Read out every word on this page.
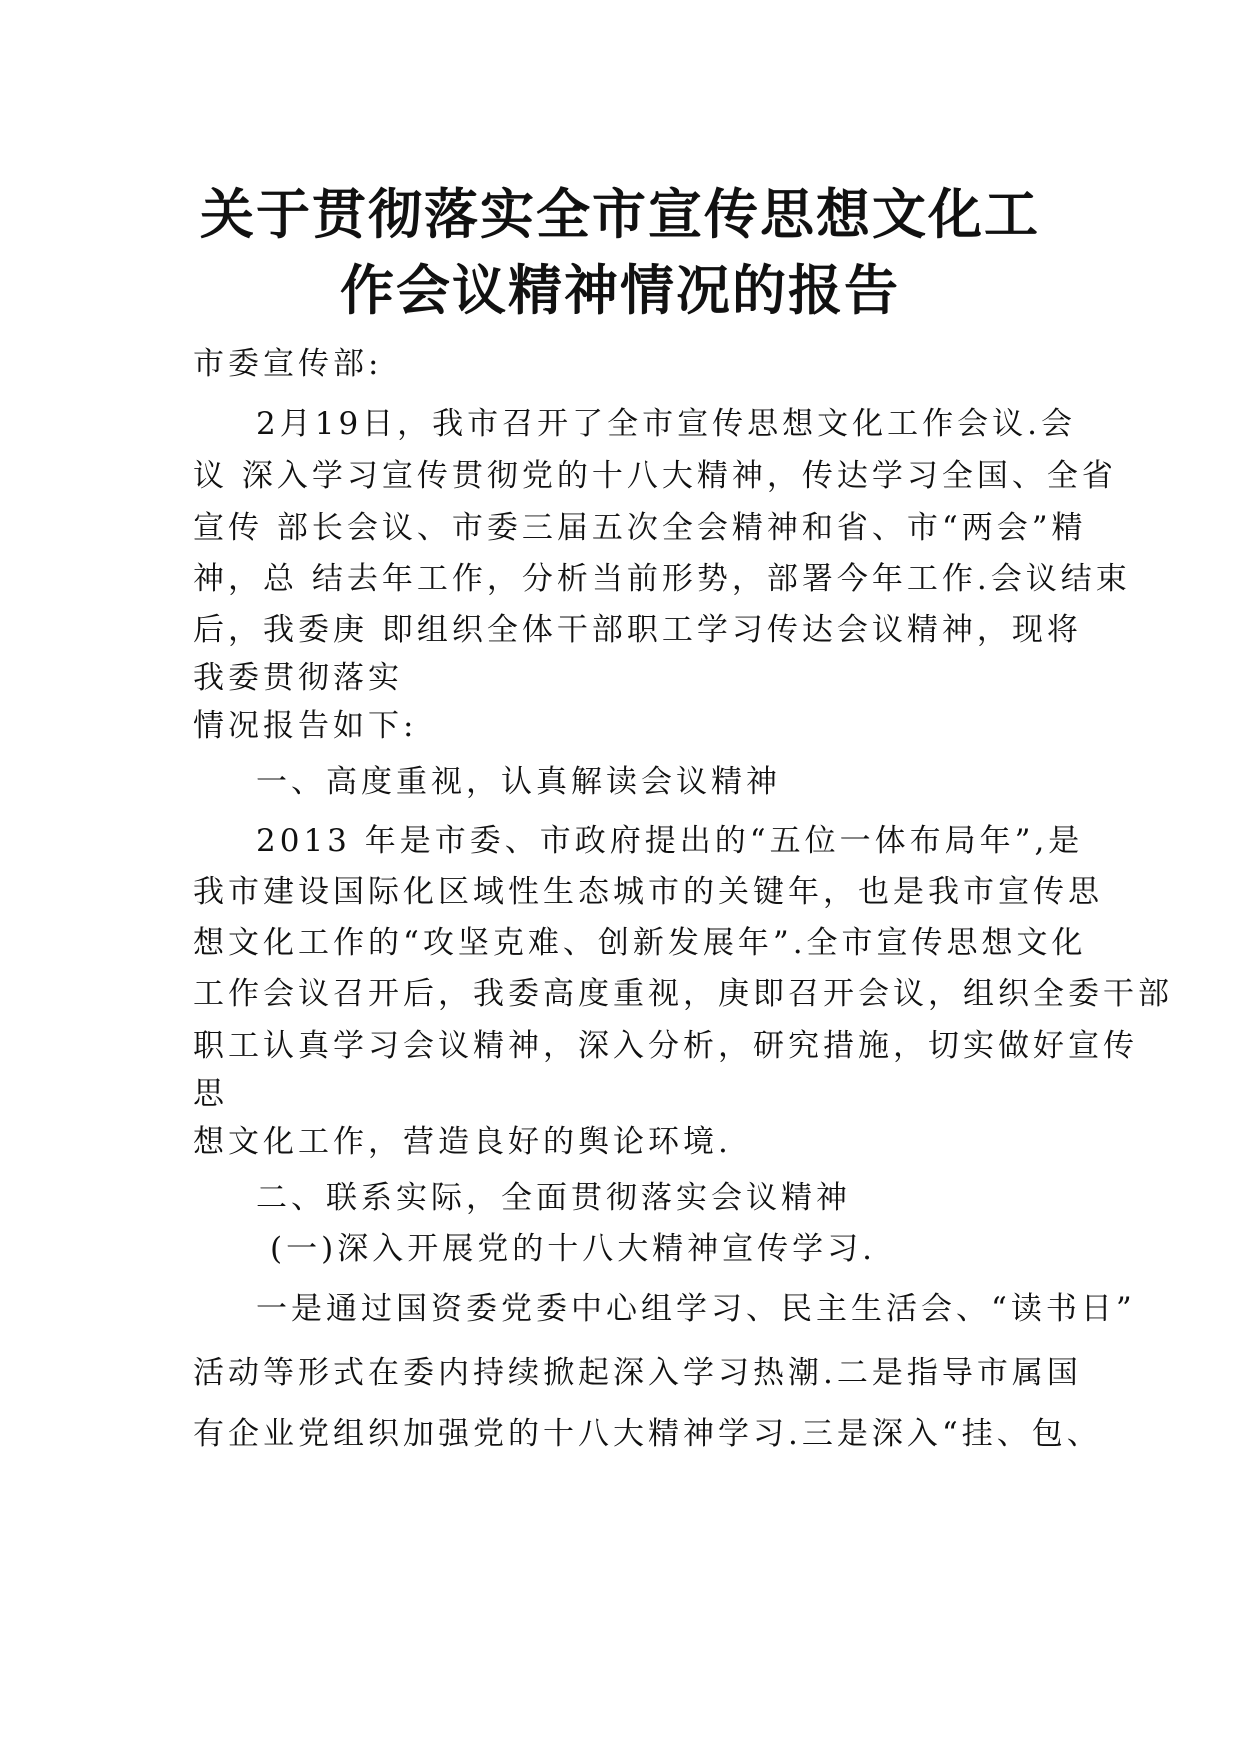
关于贯彻落实全市宣传思想文化工
作会议精神情况的报告
市委宣传部:
2月19日，我市召开了全市宣传思想文化工作会议.会
议 深入学习宣传贯彻党的十八大精神，传达学习全国、全省
宣传 部长会议、市委三届五次全会精神和省、市“两会”精
神，总 结去年工作，分析当前形势，部署今年工作.会议结束
后，我委庚 即组织全体干部职工学习传达会议精神，现将
我委贯彻落实
情况报告如下:
一、高度重视，认真解读会议精神
2013 年是市委、市政府提出的“五位一体布局年”,是
我市建设国际化区域性生态城市的关键年，也是我市宣传思
想文化工作的“攻坚克难、创新发展年”.全市宣传思想文化
工作会议召开后，我委高度重视，庚即召开会议，组织全委干部
职工认真学习会议精神，深入分析，研究措施，切实做好宣传
思
想文化工作，营造良好的舆论环境.
二、联系实际，全面贯彻落实会议精神
(一)深入开展党的十八大精神宣传学习.
一是通过国资委党委中心组学习、民主生活会、“读书日”
活动等形式在委内持续掀起深入学习热潮.二是指导市属国
有企业党组织加强党的十八大精神学习.三是深入“挂、包、
